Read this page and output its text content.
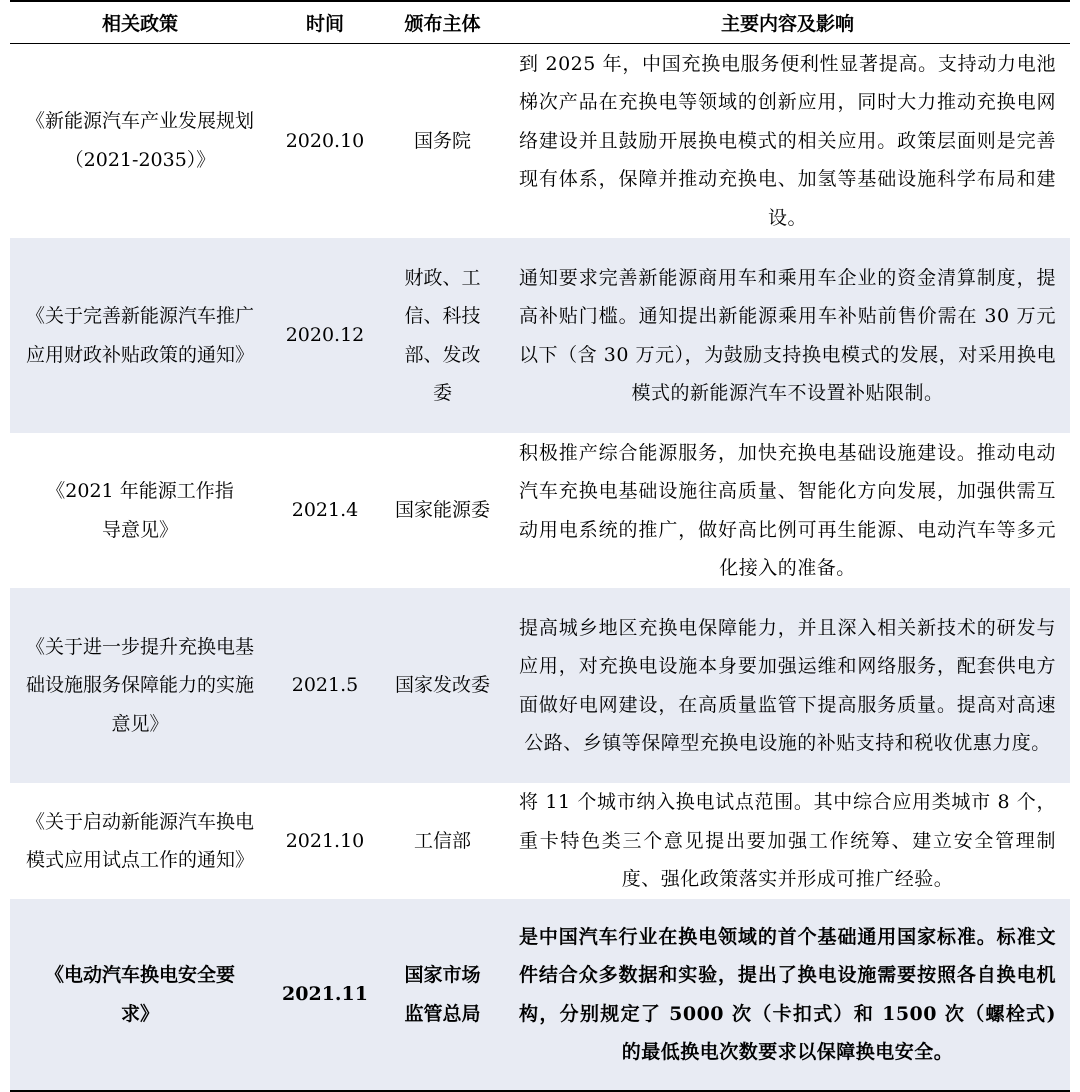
相关政策	时间	颁布主体	主要内容及影响
《新能源汽车产业发展规划（2021-2035）》	2020.10	国务院	到 2025 年，中国充换电服务便利性显著提高。支持动力电池梯次产品在充换电等领域的创新应用，同时大力推动充换电网络建设并且鼓励开展换电模式的相关应用。政策层面则是完善现有体系，保障并推动充换电、加氢等基础设施科学布局和建设。
《关于完善新能源汽车推广应用财政补贴政策的通知》	2020.12	财政、工信、科技部、发改委	通知要求完善新能源商用车和乘用车企业的资金清算制度，提高补贴门槛。通知提出新能源乘用车补贴前售价需在 30 万元以下（含 30 万元），为鼓励支持换电模式的发展，对采用换电模式的新能源汽车不设置补贴限制。
《2021 年能源工作指导意见》	2021.4	国家能源委	积极推产综合能源服务，加快充换电基础设施建设。推动电动汽车充换电基础设施往高质量、智能化方向发展，加强供需互动用电系统的推广，做好高比例可再生能源、电动汽车等多元化接入的准备。
《关于进一步提升充换电基础设施服务保障能力的实施意见》	2021.5	国家发改委	提高城乡地区充换电保障能力，并且深入相关新技术的研发与应用，对充换电设施本身要加强运维和网络服务，配套供电方面做好电网建设，在高质量监管下提高服务质量。提高对高速公路、乡镇等保障型充换电设施的补贴支持和税收优惠力度。
《关于启动新能源汽车换电模式应用试点工作的通知》	2021.10	工信部	将 11 个城市纳入换电试点范围。其中综合应用类城市 8 个，重卡特色类三个意见提出要加强工作统筹、建立安全管理制度、强化政策落实并形成可推广经验。
《电动汽车换电安全要求》	2021.11	国家市场监管总局	是中国汽车行业在换电领域的首个基础通用国家标准。标准文件结合众多数据和实验，提出了换电设施需要按照各自换电机构，分别规定了 5000 次（卡扣式）和 1500 次（螺栓式)的最低换电次数要求以保障换电安全。
